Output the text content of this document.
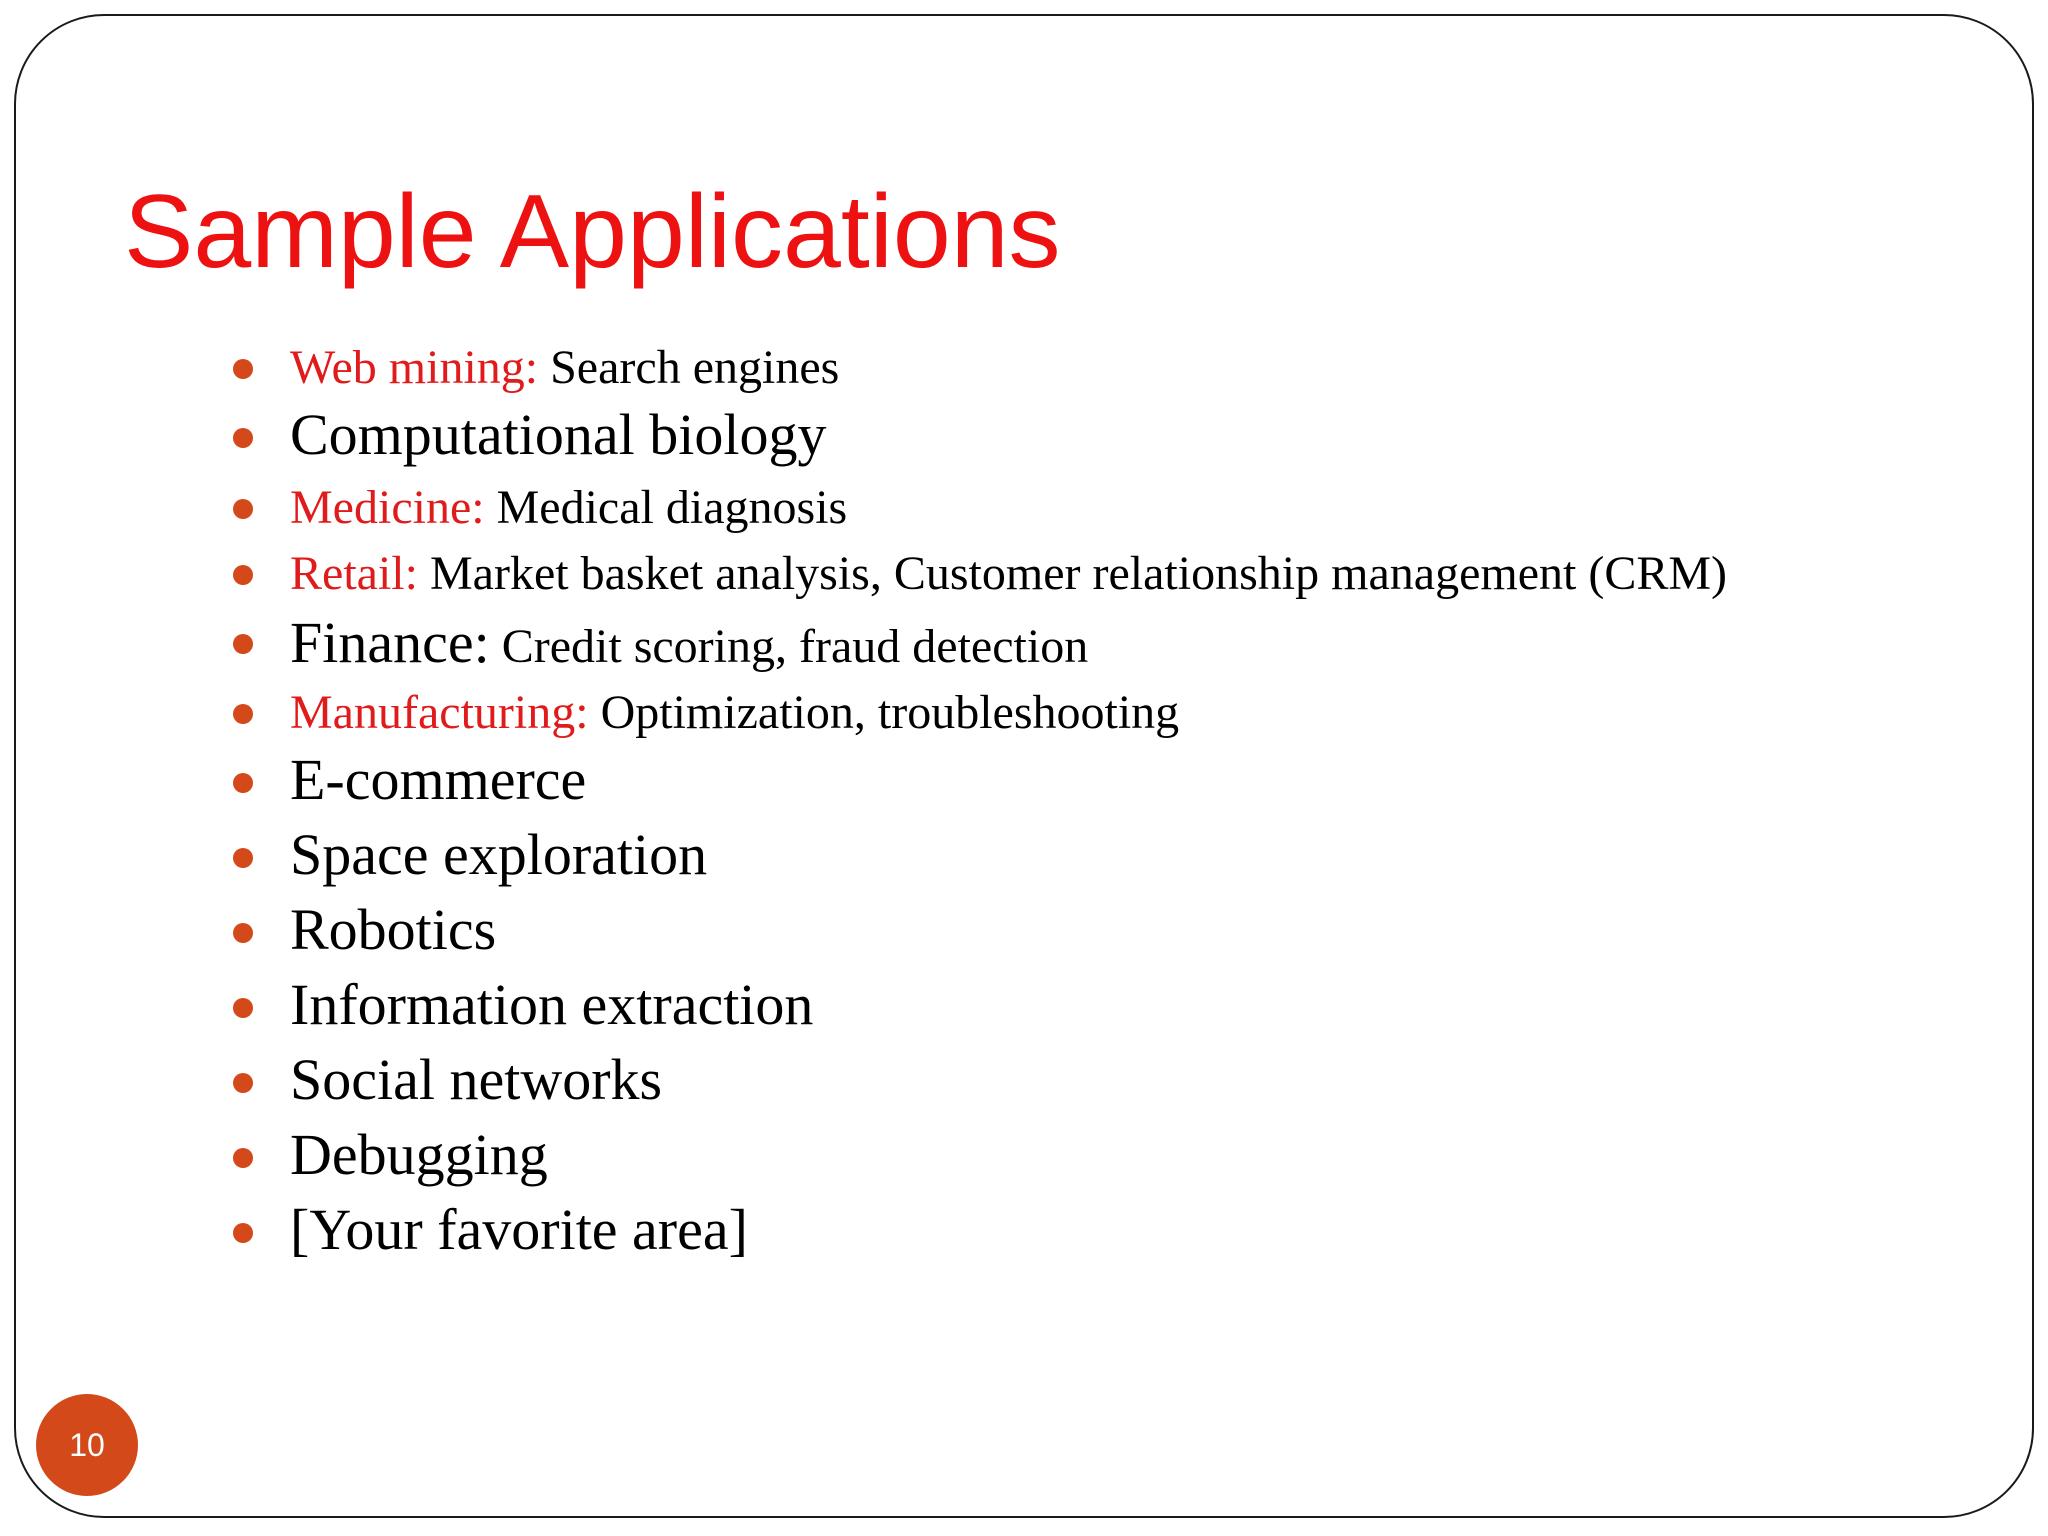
Sample Applications
Web mining: Search engines
Computational biology
Medicine: Medical diagnosis
Retail: Market basket analysis, Customer relationship management (CRM)
Finance: Credit scoring, fraud detection
Manufacturing: Optimization, troubleshooting
E-commerce
Space exploration
Robotics
Information extraction
Social networks
Debugging
[Your favorite area]
10
